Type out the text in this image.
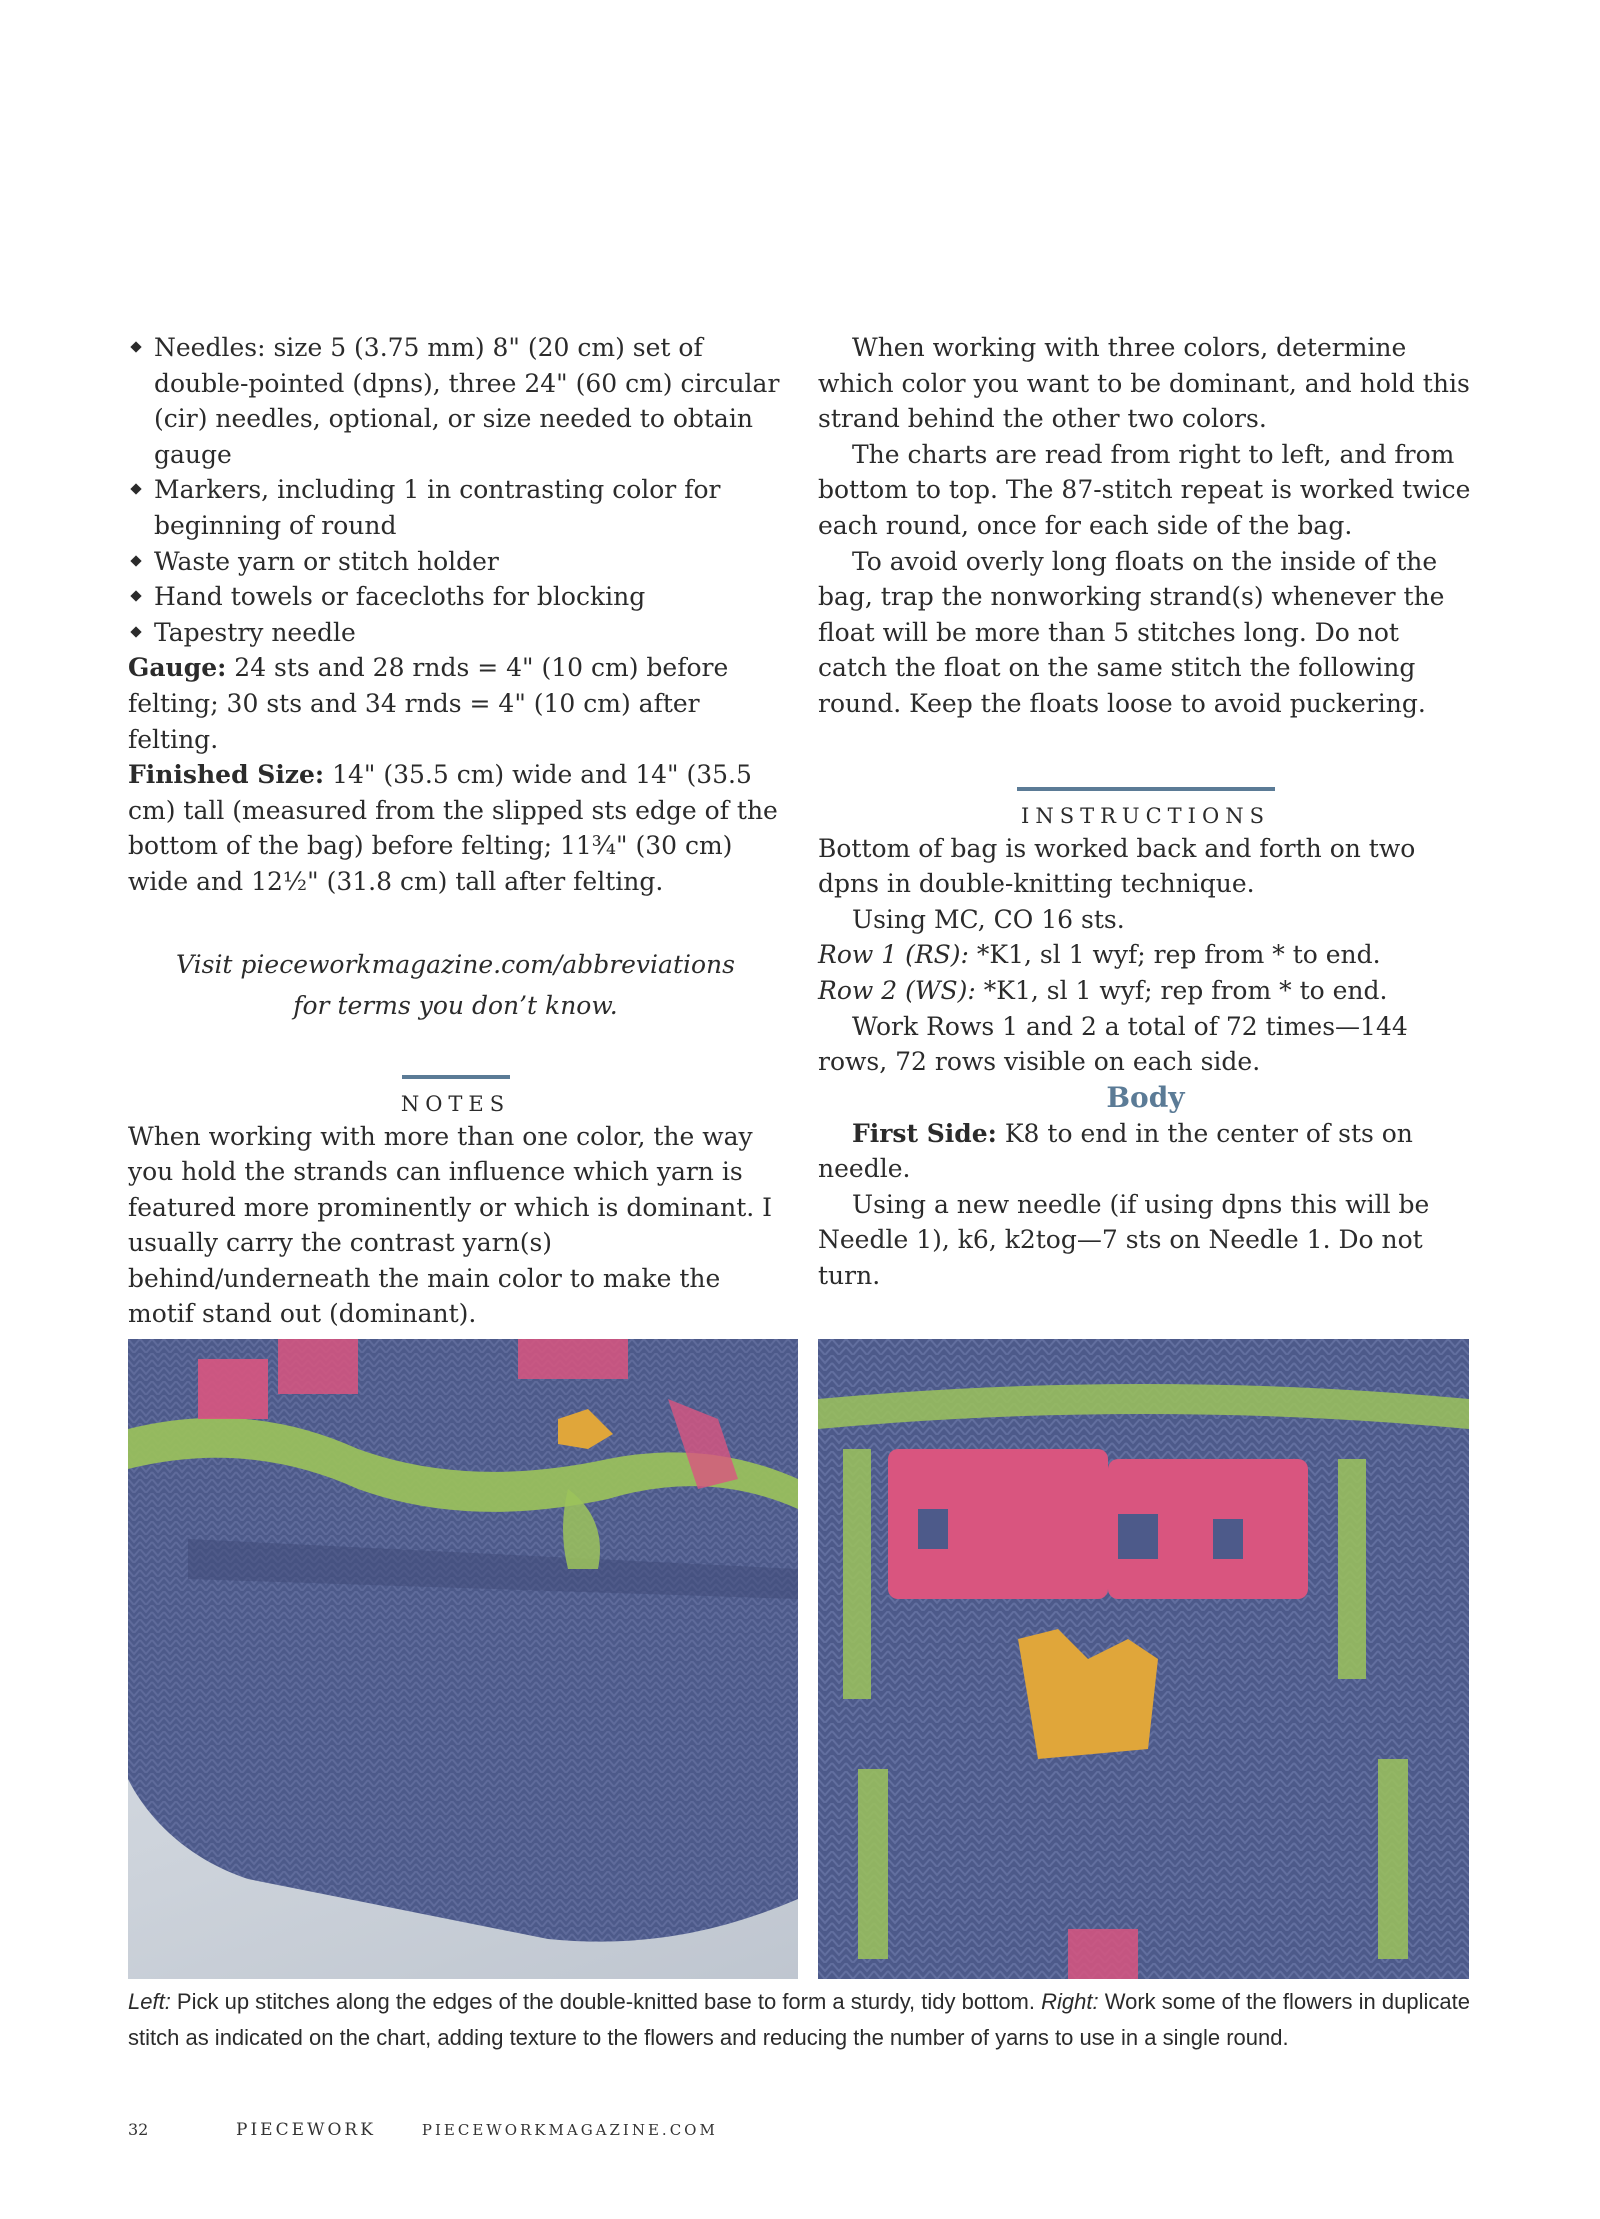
Needles: size 5 (3.75 mm) 8" (20 cm) set of double-pointed (dpns), three 24" (60 cm) circular (cir) needles, optional, or size needed to obtain gauge
Markers, including 1 in contrasting color for beginning of round
Waste yarn or stitch holder
Hand towels or facecloths for blocking
Tapestry needle

Gauge: 24 sts and 28 rnds = 4" (10 cm) before felting; 30 sts and 34 rnds = 4" (10 cm) after felting.

Finished Size: 14" (35.5 cm) wide and 14" (35.5 cm) tall (measured from the slipped sts edge of the bottom of the bag) before felting; 11¾" (30 cm) wide and 12½" (31.8 cm) tall after felting.

Visit pieceworkmagazine.com/abbreviations
for terms you don’t know.

NOTES

When working with more than one color, the way you hold the strands can influence which yarn is featured more prominently or which is dominant. I usually carry the contrast yarn(s) behind/underneath the main color to make the motif stand out (dominant).

When working with three colors, determine which color you want to be dominant, and hold this strand behind the other two colors.

The charts are read from right to left, and from bottom to top. The 87-stitch repeat is worked twice each round, once for each side of the bag.

To avoid overly long floats on the inside of the bag, trap the nonworking strand(s) whenever the float will be more than 5 stitches long. Do not catch the float on the same stitch the following round. Keep the floats loose to avoid puckering.

INSTRUCTIONS

Bottom of bag is worked back and forth on two dpns in double-knitting technique.

Using MC, CO 16 sts.

Row 1 (RS): *K1, sl 1 wyf; rep from * to end.

Row 2 (WS): *K1, sl 1 wyf; rep from * to end.

Work Rows 1 and 2 a total of 72 times—144 rows, 72 rows visible on each side.

Body

First Side: K8 to end in the center of sts on needle.

Using a new needle (if using dpns this will be Needle 1), k6, k2tog—7 sts on Needle 1. Do not turn.

Left: Pick up stitches along the edges of the double-knitted base to form a sturdy, tidy bottom. Right: Work some of the flowers in duplicate stitch as indicated on the chart, adding texture to the flowers and reducing the number of yarns to use in a single round.
32	PIECEWORK	PIECEWORKMAGAZINE.COM
